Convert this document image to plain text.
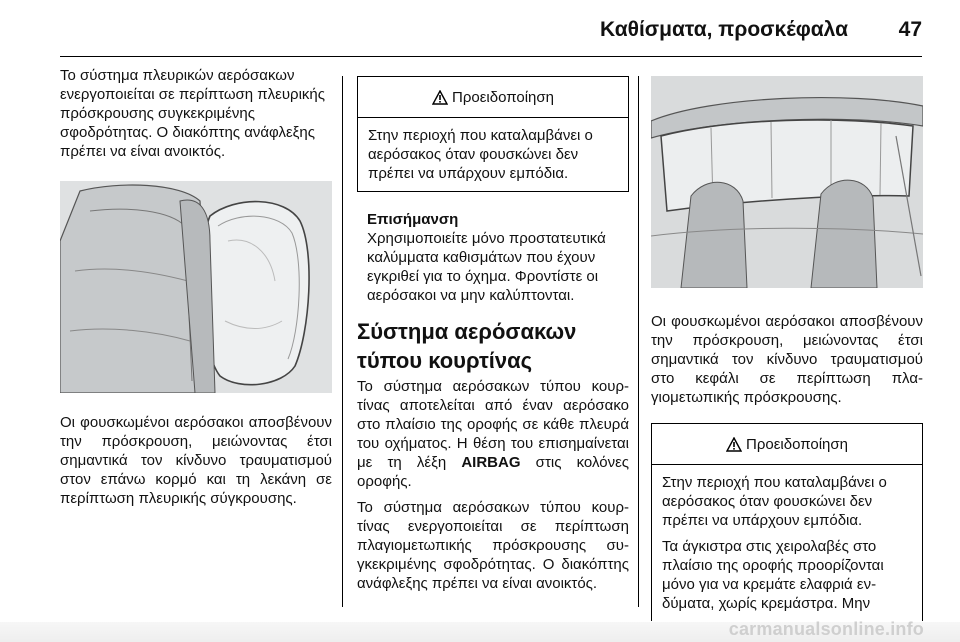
Καθίσματα, προσκέφαλα 47

Το σύστημα πλευρικών αερόσακων ενεργοποιείται σε περίπτωση πλευρικής πρόσκρουσης συγκεκριμένης σφοδρότητας. Ο διακόπτης ανάφλεξης πρέπει να είναι ανοικτός.

Οι φουσκωμένοι αερόσακοι αποσβένουν την πρόσκρουση, μειώνοντας έτσι σημαντικά τον κίνδυνο τραυματισμού στον επάνω κορμό και τη λεκάνη σε περίπτωση πλευρικής σύγκρουσης.

Προειδοποίηση

Στην περιοχή που καταλαμβάνει ο αερόσακος όταν φουσκώνει δεν πρέπει να υπάρχουν εμπόδια.

Επισήμανση

Χρησιμοποιείτε μόνο προστατευτικά καλύμματα καθισμάτων που έχουν εγκριθεί για το όχημα. Φροντίστε οι αερόσακοι να μην καλύπτονται.

Σύστημα αερόσακων
τύπου κουρτίνας

Το σύστημα αερόσακων τύπου κουρτίνας αποτελείται από έναν αερόσακο στο πλαίσιο της οροφής σε κάθε πλευρά του οχήματος. Η θέση του επισημαίνεται με τη λέξη AIRBAG στις κολόνες οροφής.

Το σύστημα αερόσακων τύπου κουρτίνας ενεργοποιείται σε περίπτωση πλαγιομετωπικής πρόσκρουσης συγκεκριμένης σφοδρότητας. Ο διακόπτης ανάφλεξης πρέπει να είναι ανοικτός.

Οι φουσκωμένοι αερόσακοι αποσβένουν την πρόσκρουση, μειώνοντας έτσι σημαντικά τον κίνδυνο τραυματισμού στο κεφάλι σε περίπτωση πλαγιομετωπικής πρόσκρουσης.

Προειδοποίηση

Στην περιοχή που καταλαμβάνει ο αερόσακος όταν φουσκώνει δεν πρέπει να υπάρχουν εμπόδια.

Τα άγκιστρα στις χειρολαβές στο πλαίσιο της οροφής προορίζονται μόνο για να κρεμάτε ελαφριά ενδύματα, χωρίς κρεμάστρα. Μην

carmanualsonline.info
